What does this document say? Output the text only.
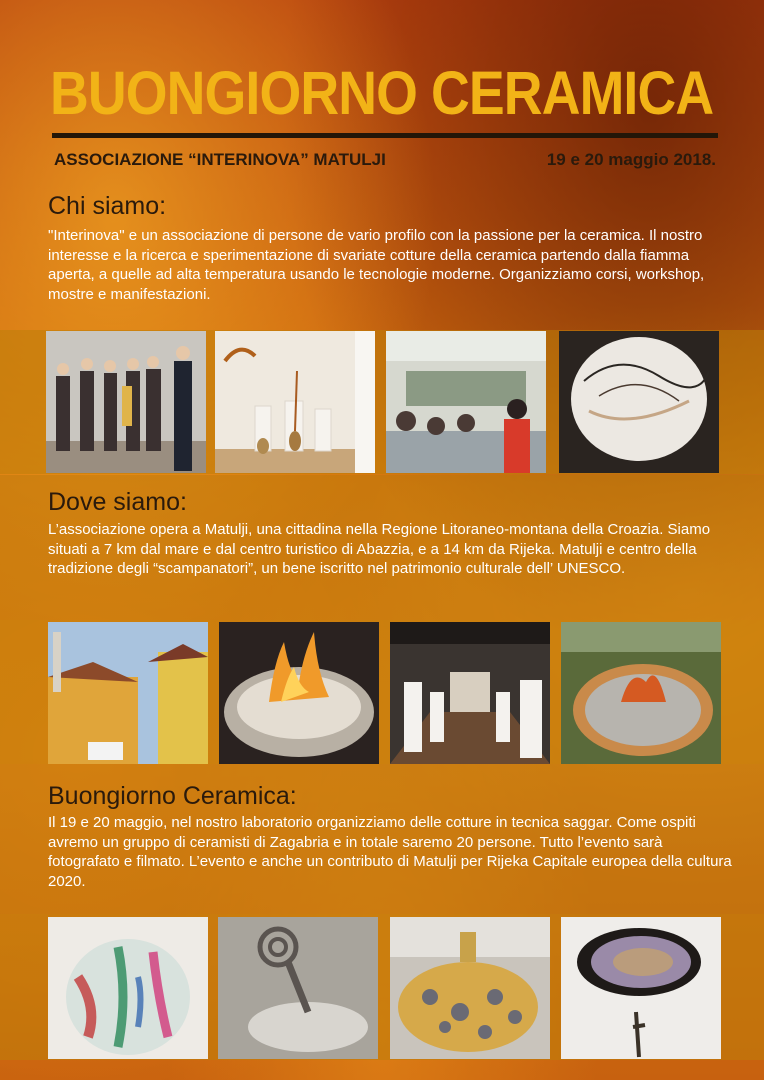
BUONGIORNO CERAMICA
ASSOCIAZIONE “INTERINOVA” MATULJI	19 e 20 maggio 2018.
Chi siamo:
"Interinova" e un associazione di persone de vario profilo con la passione per la ceramica. Il nostro interesse e la ricerca e sperimentazione di svariate cotture della ceramica partendo dalla fiamma aperta, a quelle ad alta temperatura usando le tecnologie moderne. Organizziamo corsi, workshop, mostre e manifestazioni.
Dove siamo:
L’associazione opera a Matulji, una cittadina nella Regione Litoraneo-montana della Croazia. Siamo situati a 7 km dal mare e dal centro turistico di Abazzia, e a 14 km da Rijeka. Matulji e centro della tradizione degli “scampanatori”, un bene iscritto nel patrimonio culturale dell’ UNESCO.
Buongiorno Ceramica:
Il 19 e 20 maggio, nel nostro laboratorio organizziamo delle cotture in tecnica saggar. Come ospiti avremo un gruppo di ceramisti di Zagabria e in totale saremo 20 persone. Tutto l’evento sarà fotografato e filmato. L’evento e anche un contributo di Matulji per Rijeka Capitale europea della cultura 2020.
